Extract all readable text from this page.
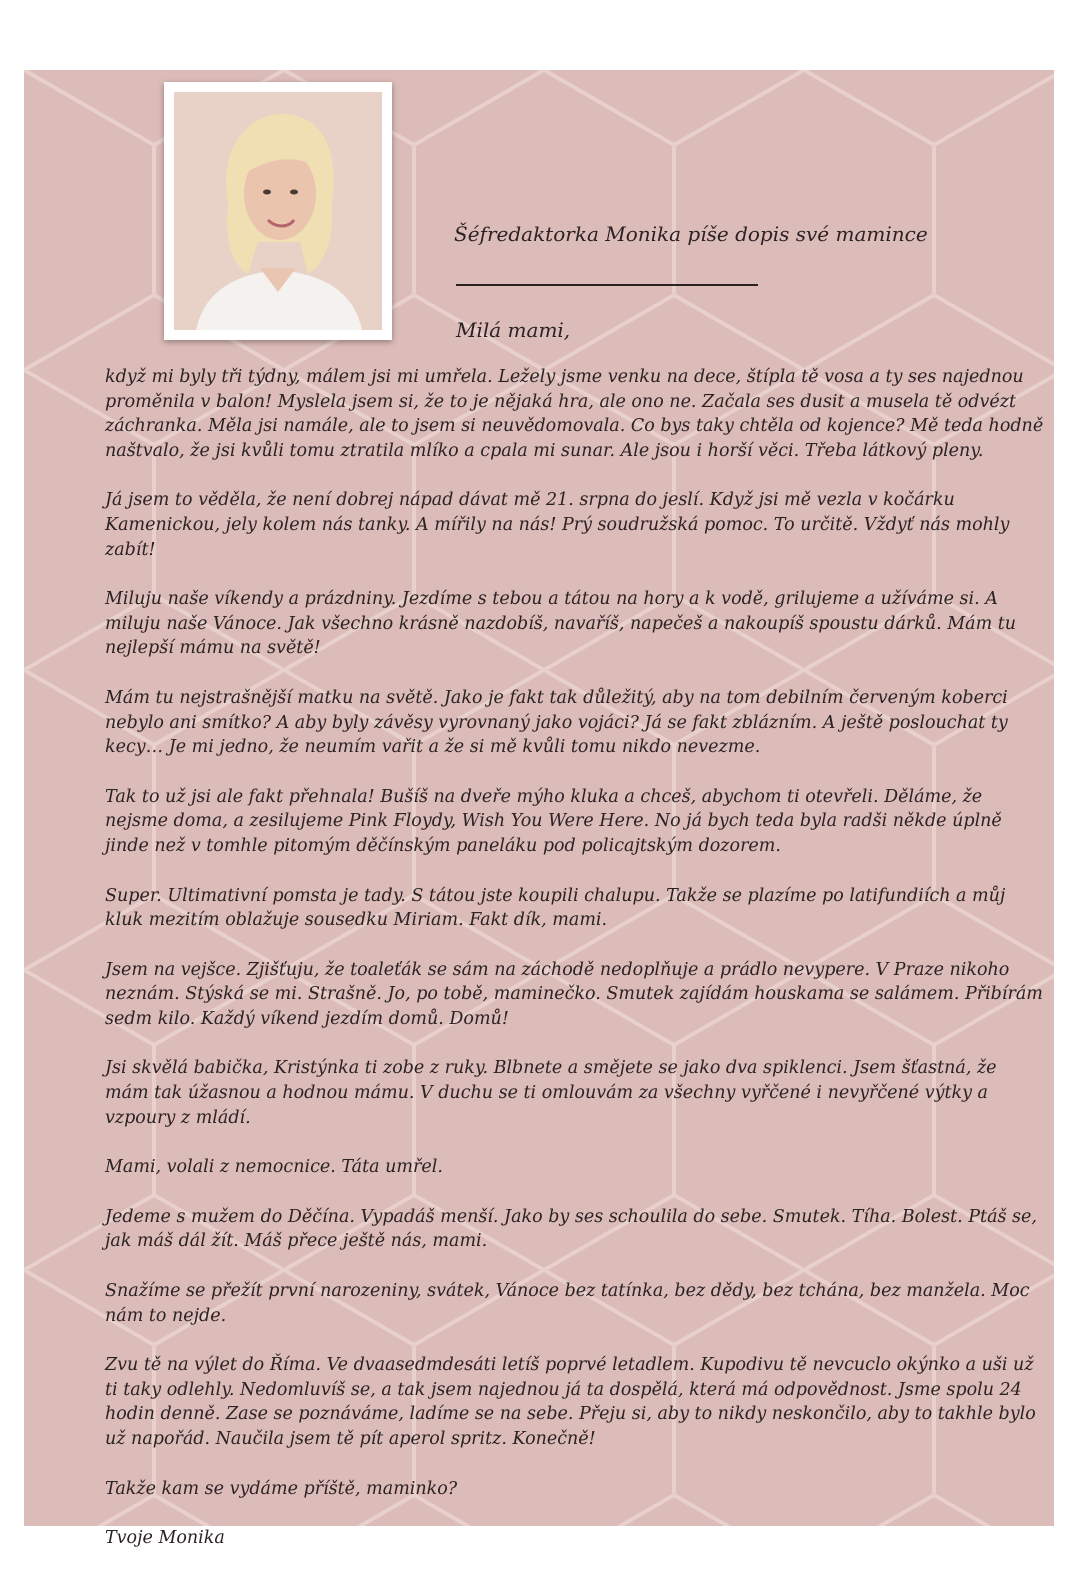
Šéfredaktorka Monika píše dopis své mamince
Milá mami,

když mi byly tři týdny, málem jsi mi umřela. Ležely jsme venku na dece, štípla tě vosa a ty ses najednou proměnila v balon! Myslela jsem si, že to je nějaká hra, ale ono ne. Začala ses dusit a musela tě odvézt záchranka. Měla jsi namále, ale to jsem si neuvědomovala. Co bys taky chtěla od kojence? Mě teda hodně naštvalo, že jsi kvůli tomu ztratila mlíko a cpala mi sunar. Ale jsou i horší věci. Třeba látkový pleny.

Já jsem to věděla, že není dobrej nápad dávat mě 21. srpna do jeslí. Když jsi mě vezla v kočárku Kamenickou, jely kolem nás tanky. A mířily na nás! Prý soudružská pomoc. To určitě. Vždyť nás mohly zabít!

Miluju naše víkendy a prázdniny. Jezdíme s tebou a tátou na hory a k vodě, grilujeme a užíváme si. A miluju naše Vánoce. Jak všechno krásně nazdobíš, navaříš, napečeš a nakoupíš spoustu dárků. Mám tu nejlepší mámu na světě!

Mám tu nejstrašnější matku na světě. Jako je fakt tak důležitý, aby na tom debilním červeným koberci nebylo ani smítko? A aby byly závěsy vyrovnaný jako vojáci? Já se fakt zblázním. A ještě poslouchat ty kecy… Je mi jedno, že neumím vařit a že si mě kvůli tomu nikdo nevezme.

Tak to už jsi ale fakt přehnala! Bušíš na dveře mýho kluka a chceš, abychom ti otevřeli. Děláme, že nejsme doma, a zesilujeme Pink Floydy, Wish You Were Here. No já bych teda byla radši někde úplně jinde než v tomhle pitomým děčínským paneláku pod policajtským dozorem.

Super. Ultimativní pomsta je tady. S tátou jste koupili chalupu. Takže se plazíme po latifundiích a můj kluk mezitím oblažuje sousedku Miriam. Fakt dík, mami.

Jsem na vejšce. Zjišťuju, že toaleťák se sám na záchodě nedoplňuje a prádlo nevypere. V Praze nikoho neznám. Stýská se mi. Strašně. Jo, po tobě, maminečko. Smutek zajídám houskama se salámem. Přibírám sedm kilo. Každý víkend jezdím domů. Domů!

Jsi skvělá babička, Kristýnka ti zobe z ruky. Blbnete a smějete se jako dva spiklenci. Jsem šťastná, že mám tak úžasnou a hodnou mámu. V duchu se ti omlouvám za všechny vyřčené i nevyřčené výtky a vzpoury z mládí.

Mami, volali z nemocnice. Táta umřel.

Jedeme s mužem do Děčína. Vypadáš menší. Jako by ses schoulila do sebe. Smutek. Tíha. Bolest. Ptáš se, jak máš dál žít. Máš přece ještě nás, mami.

Snažíme se přežít první narozeniny, svátek, Vánoce bez tatínka, bez dědy, bez tchána, bez manžela. Moc nám to nejde.

Zvu tě na výlet do Říma. Ve dvaasedmdesáti letíš poprvé letadlem. Kupodivu tě nevcuclo okýnko a uši už ti taky odlehly. Nedomluvíš se, a tak jsem najednou já ta dospělá, která má odpovědnost. Jsme spolu 24 hodin denně. Zase se poznáváme, ladíme se na sebe. Přeju si, aby to nikdy neskončilo, aby to takhle bylo už napořád. Naučila jsem tě pít aperol spritz. Konečně!

Takže kam se vydáme příště, maminko?

Tvoje Monika
